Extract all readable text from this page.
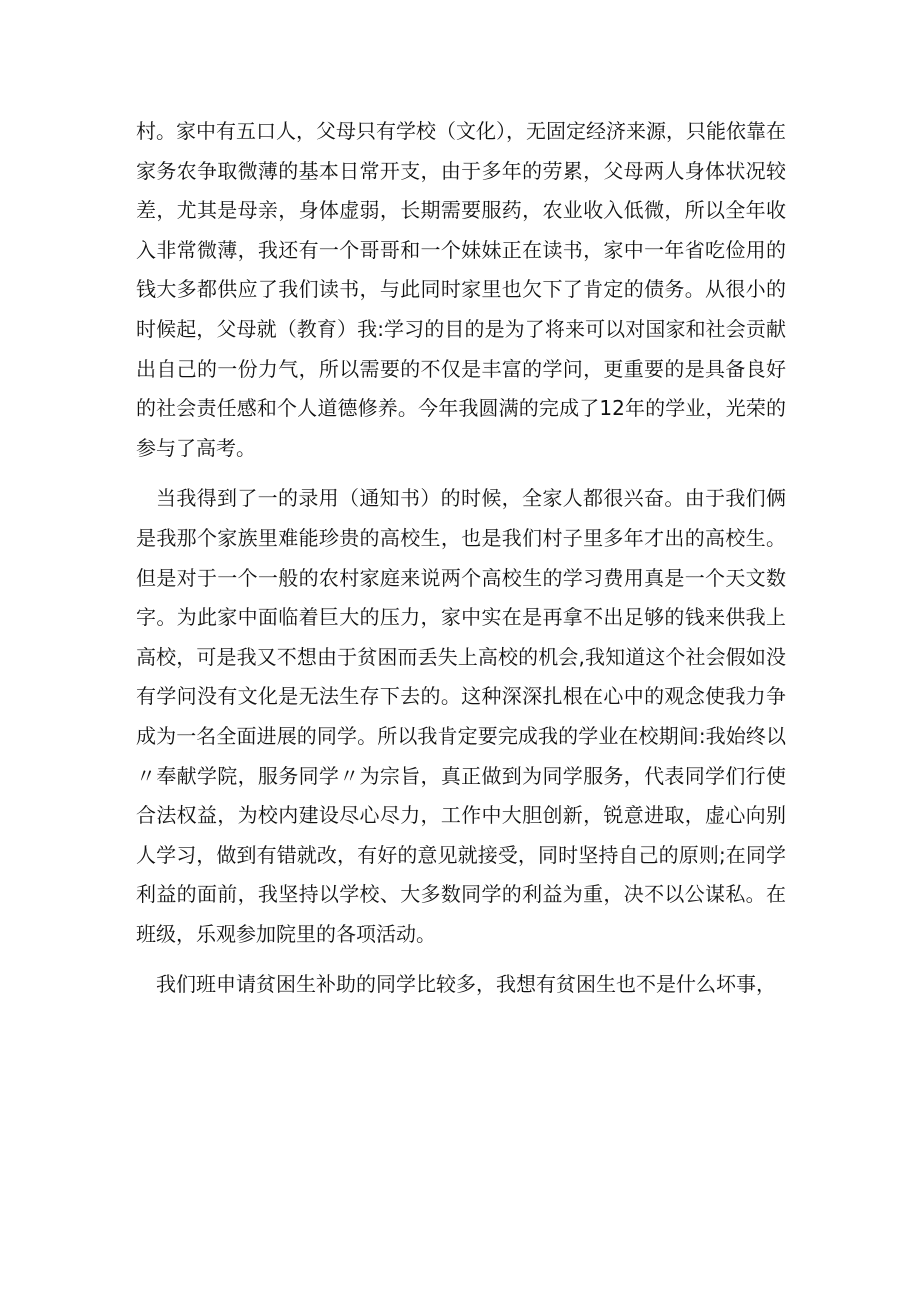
村。家中有五口人，父母只有学校（文化），无固定经济来源，只能依靠在家务农争取微薄的基本日常开支，由于多年的劳累，父母两人身体状况较差，尤其是母亲，身体虚弱，长期需要服药，农业收入低微，所以全年收入非常微薄，我还有一个哥哥和一个妹妹正在读书，家中一年省吃俭用的钱大多都供应了我们读书，与此同时家里也欠下了肯定的债务。从很小的时候起，父母就（教育）我:学习的目的是为了将来可以对国家和社会贡献出自己的一份力气，所以需要的不仅是丰富的学问，更重要的是具备良好的社会责任感和个人道德修养。今年我圆满的完成了12年的学业，光荣的参与了高考。

当我得到了一的录用（通知书）的时候，全家人都很兴奋。由于我们俩是我那个家族里难能珍贵的高校生，也是我们村子里多年才出的高校生。但是对于一个一般的农村家庭来说两个高校生的学习费用真是一个天文数字。为此家中面临着巨大的压力，家中实在是再拿不出足够的钱来供我上高校，可是我又不想由于贫困而丢失上高校的机会,我知道这个社会假如没有学问没有文化是无法生存下去的。这种深深扎根在心中的观念使我力争成为一名全面进展的同学。所以我肯定要完成我的学业在校期间:我始终以〃奉献学院，服务同学〃为宗旨，真正做到为同学服务，代表同学们行使合法权益，为校内建设尽心尽力，工作中大胆创新，锐意进取，虚心向别人学习，做到有错就改，有好的意见就接受，同时坚持自己的原则;在同学利益的面前，我坚持以学校、大多数同学的利益为重，决不以公谋私。在班级，乐观参加院里的各项活动。

我们班申请贫困生补助的同学比较多，我想有贫困生也不是什么坏事，
